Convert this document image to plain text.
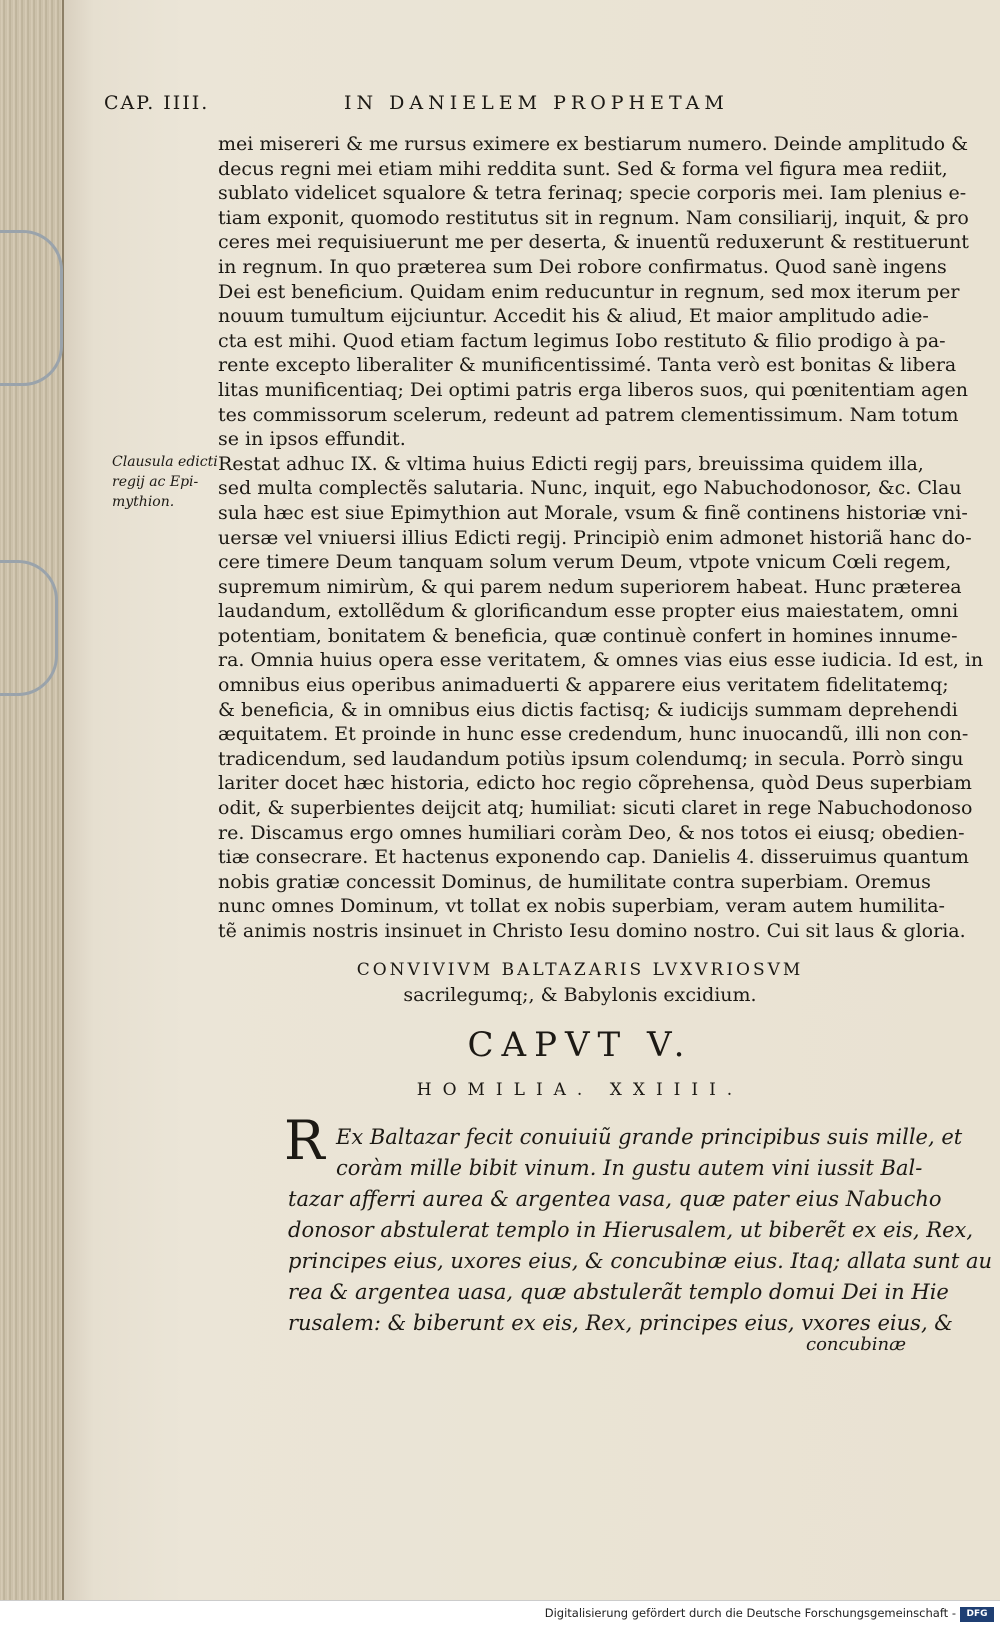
CAP. IIII.	IN DANIELEM PROPHETAM
Clausula edicti
regij ac Epi-
mythion.
mei misereri & me rursus eximere ex bestiarum numero. Deinde amplitudo &
decus regni mei etiam mihi reddita sunt. Sed & forma vel figura mea rediit,
sublato videlicet squalore & tetra ferinaq; specie corporis mei. Iam plenius e-
tiam exponit, quomodo restitutus sit in regnum. Nam consiliarij, inquit, & pro
ceres mei requisiuerunt me per deserta, & inuentũ reduxerunt & restituerunt
in regnum. In quo præterea sum Dei robore confirmatus. Quod sanè ingens
Dei est beneficium. Quidam enim reducuntur in regnum, sed mox iterum per
nouum tumultum eijciuntur. Accedit his & aliud, Et maior amplitudo adie-
cta est mihi. Quod etiam factum legimus Iobo restituto & filio prodigo à pa-
rente excepto liberaliter & munificentissimé. Tanta verò est bonitas & libera
litas munificentiaq; Dei optimi patris erga liberos suos, qui pœnitentiam agen
tes commissorum scelerum, redeunt ad patrem clementissimum. Nam totum
se in ipsos effundit.
Restat adhuc IX. & vltima huius Edicti regij pars, breuissima quidem illa,
sed multa complectẽs salutaria. Nunc, inquit, ego Nabuchodonosor, &c. Clau
sula hæc est siue Epimythion aut Morale, vsum & finẽ continens historiæ vni-
uersæ vel vniuersi illius Edicti regij. Principiò enim admonet historiã hanc do-
cere timere Deum tanquam solum verum Deum, vtpote vnicum Cœli regem,
supremum nimirùm, & qui parem nedum superiorem habeat. Hunc præterea
laudandum, extollẽdum & glorificandum esse propter eius maiestatem, omni
potentiam, bonitatem & beneficia, quæ continuè confert in homines innume-
ra. Omnia huius opera esse veritatem, & omnes vias eius esse iudicia. Id est, in
omnibus eius operibus animaduerti & apparere eius veritatem fidelitatemq;
& beneficia, & in omnibus eius dictis factisq; & iudicijs summam deprehendi
æquitatem. Et proinde in hunc esse credendum, hunc inuocandũ, illi non con-
tradicendum, sed laudandum potiùs ipsum colendumq; in secula. Porrò singu
lariter docet hæc historia, edicto hoc regio cõprehensa, quòd Deus superbiam
odit, & superbientes deijcit atq; humiliat: sicuti claret in rege Nabuchodonoso
re. Discamus ergo omnes humiliari coràm Deo, & nos totos ei eiusq; obedien-
tiæ consecrare. Et hactenus exponendo cap. Danielis 4. disseruimus quantum
nobis gratiæ concessit Dominus, de humilitate contra superbiam. Oremus
nunc omnes Dominum, vt tollat ex nobis superbiam, veram autem humilita-
tẽ animis nostris insinuet in Christo Iesu domino nostro. Cui sit laus & gloria.
CONVIVIVM BALTAZARIS LVXVRIOSVM
sacrilegumq;, & Babylonis excidium.
CAPVT V.
HOMILIA. XXIIII.
R Ex Baltazar fecit conuiuiũ grande principibus suis mille, et
coràm mille bibit vinum. In gustu autem vini iussit Bal-
tazar afferri aurea & argentea vasa, quæ pater eius Nabucho
donosor abstulerat templo in Hierusalem, ut biberẽt ex eis, Rex,
principes eius, uxores eius, & concubinæ eius. Itaq; allata sunt au
rea & argentea uasa, quæ abstulerãt templo domui Dei in Hie
rusalem: & biberunt ex eis, Rex, principes eius, vxores eius, &
concubinæ
Digitalisierung gefördert durch die Deutsche Forschungsgemeinschaft -	DFG
